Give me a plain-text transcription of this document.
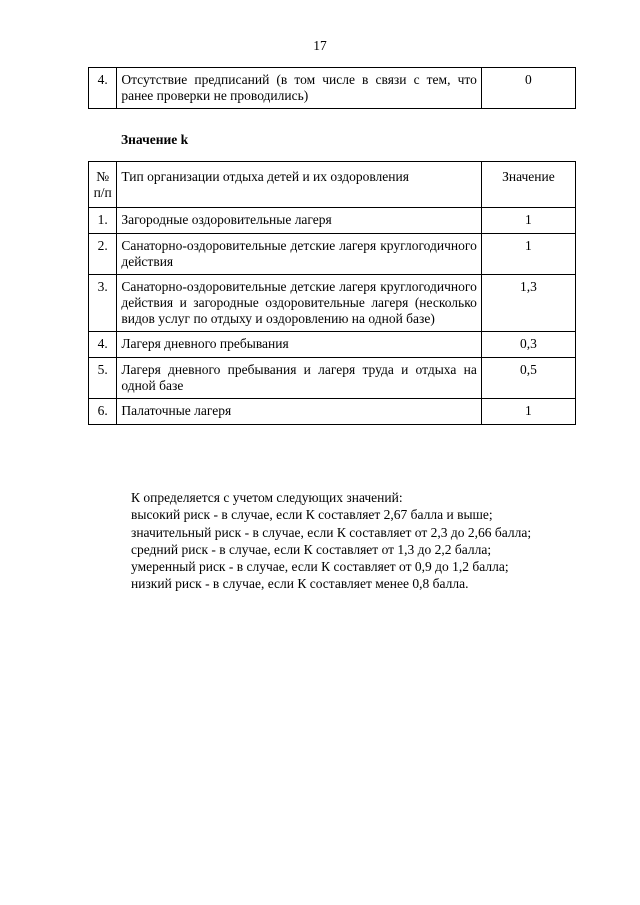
17
4.	Отсутствие предписаний (в том числе в связи с тем, что ранее проверки не проводились)	0
Значение k
№ п/п	Тип организации отдыха детей и их оздоровления	Значение
1.	Загородные оздоровительные лагеря	1
2.	Санаторно-оздоровительные детские лагеря круглогодичного действия	1
3.	Санаторно-оздоровительные детские лагеря круглогодичного действия и загородные оздоровительные лагеря (несколько видов услуг по отдыху и оздоровлению на одной базе)	1,3
4.	Лагеря дневного пребывания	0,3
5.	Лагеря дневного пребывания и лагеря труда и отдыха на одной базе	0,5
6.	Палаточные лагеря	1
К определяется с учетом следующих значений:
высокий риск - в случае, если К составляет 2,67 балла и выше;
значительный риск - в случае, если К составляет от 2,3 до 2,66 балла;
средний риск - в случае, если К составляет от 1,3 до 2,2 балла;
умеренный риск - в случае, если К составляет от 0,9 до 1,2 балла;
низкий риск - в случае, если К составляет менее 0,8 балла.
